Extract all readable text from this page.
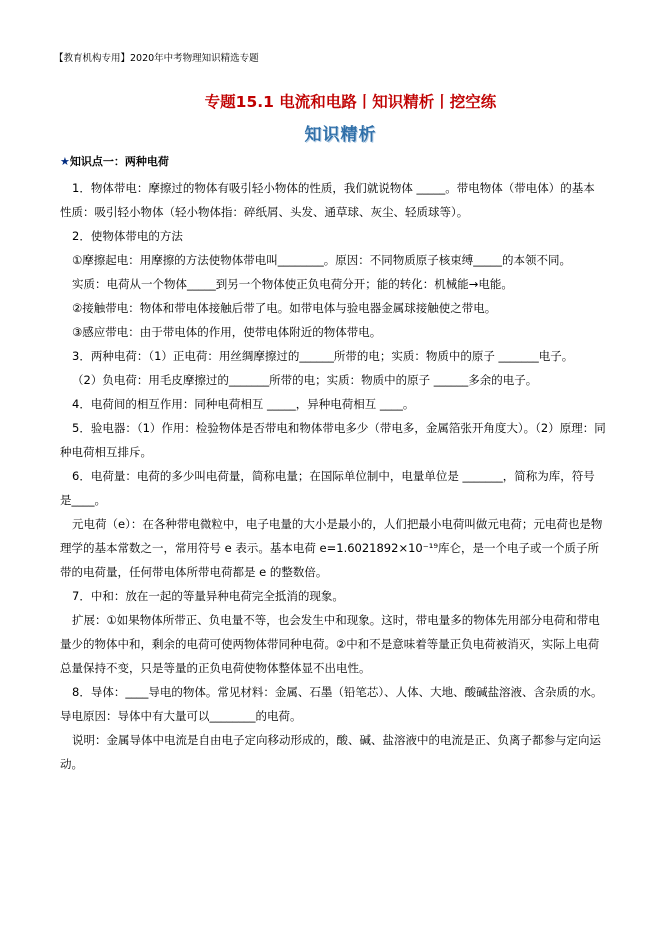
【教育机构专用】2020年中考物理知识精选专题
专题15.1 电流和电路丨知识精析丨挖空练
知识精析
★知识点一：两种电荷

1．物体带电：摩擦过的物体有吸引轻小物体的性质，我们就说物体 _____。带电物体（带电体）的基本性质：吸引轻小物体（轻小物体指：碎纸屑、头发、通草球、灰尘、轻质球等）。

2．使物体带电的方法

①摩擦起电：用摩擦的方法使物体带电叫________。原因：不同物质原子核束缚_____的本领不同。

实质：电荷从一个物体_____到另一个物体使正负电荷分开；能的转化：机械能→电能。

②接触带电：物体和带电体接触后带了电。如带电体与验电器金属球接触使之带电。

③感应带电：由于带电体的作用，使带电体附近的物体带电。

3．两种电荷：（1）正电荷：用丝绸摩擦过的______所带的电；实质：物质中的原子 _______电子。

（2）负电荷：用毛皮摩擦过的_______所带的电；实质：物质中的原子 ______多余的电子。

4．电荷间的相互作用：同种电荷相互 _____，异种电荷相互 ____。

5．验电器：（1）作用：检验物体是否带电和物体带电多少（带电多，金属箔张开角度大）。（2）原理：同种电荷相互排斥。

6．电荷量：电荷的多少叫电荷量，简称电量；在国际单位制中，电量单位是 _______，简称为库，符号是____。

元电荷（e）：在各种带电微粒中，电子电量的大小是最小的，人们把最小电荷叫做元电荷；元电荷也是物理学的基本常数之一，常用符号 e 表示。基本电荷 e=1.6021892×10⁻¹⁹库仑，是一个电子或一个质子所带的电荷量，任何带电体所带电荷都是 e 的整数倍。

7．中和：放在一起的等量异种电荷完全抵消的现象。

扩展：①如果物体所带正、负电量不等，也会发生中和现象。这时，带电量多的物体先用部分电荷和带电量少的物体中和，剩余的电荷可使两物体带同种电荷。②中和不是意味着等量正负电荷被消灭，实际上电荷总量保持不变，只是等量的正负电荷使物体整体显不出电性。

8．导体：____导电的物体。常见材料：金属、石墨（铅笔芯）、人体、大地、酸碱盐溶液、含杂质的水。导电原因：导体中有大量可以________的电荷。

说明：金属导体中电流是自由电子定向移动形成的，酸、碱、盐溶液中的电流是正、负离子都参与定向运动。
